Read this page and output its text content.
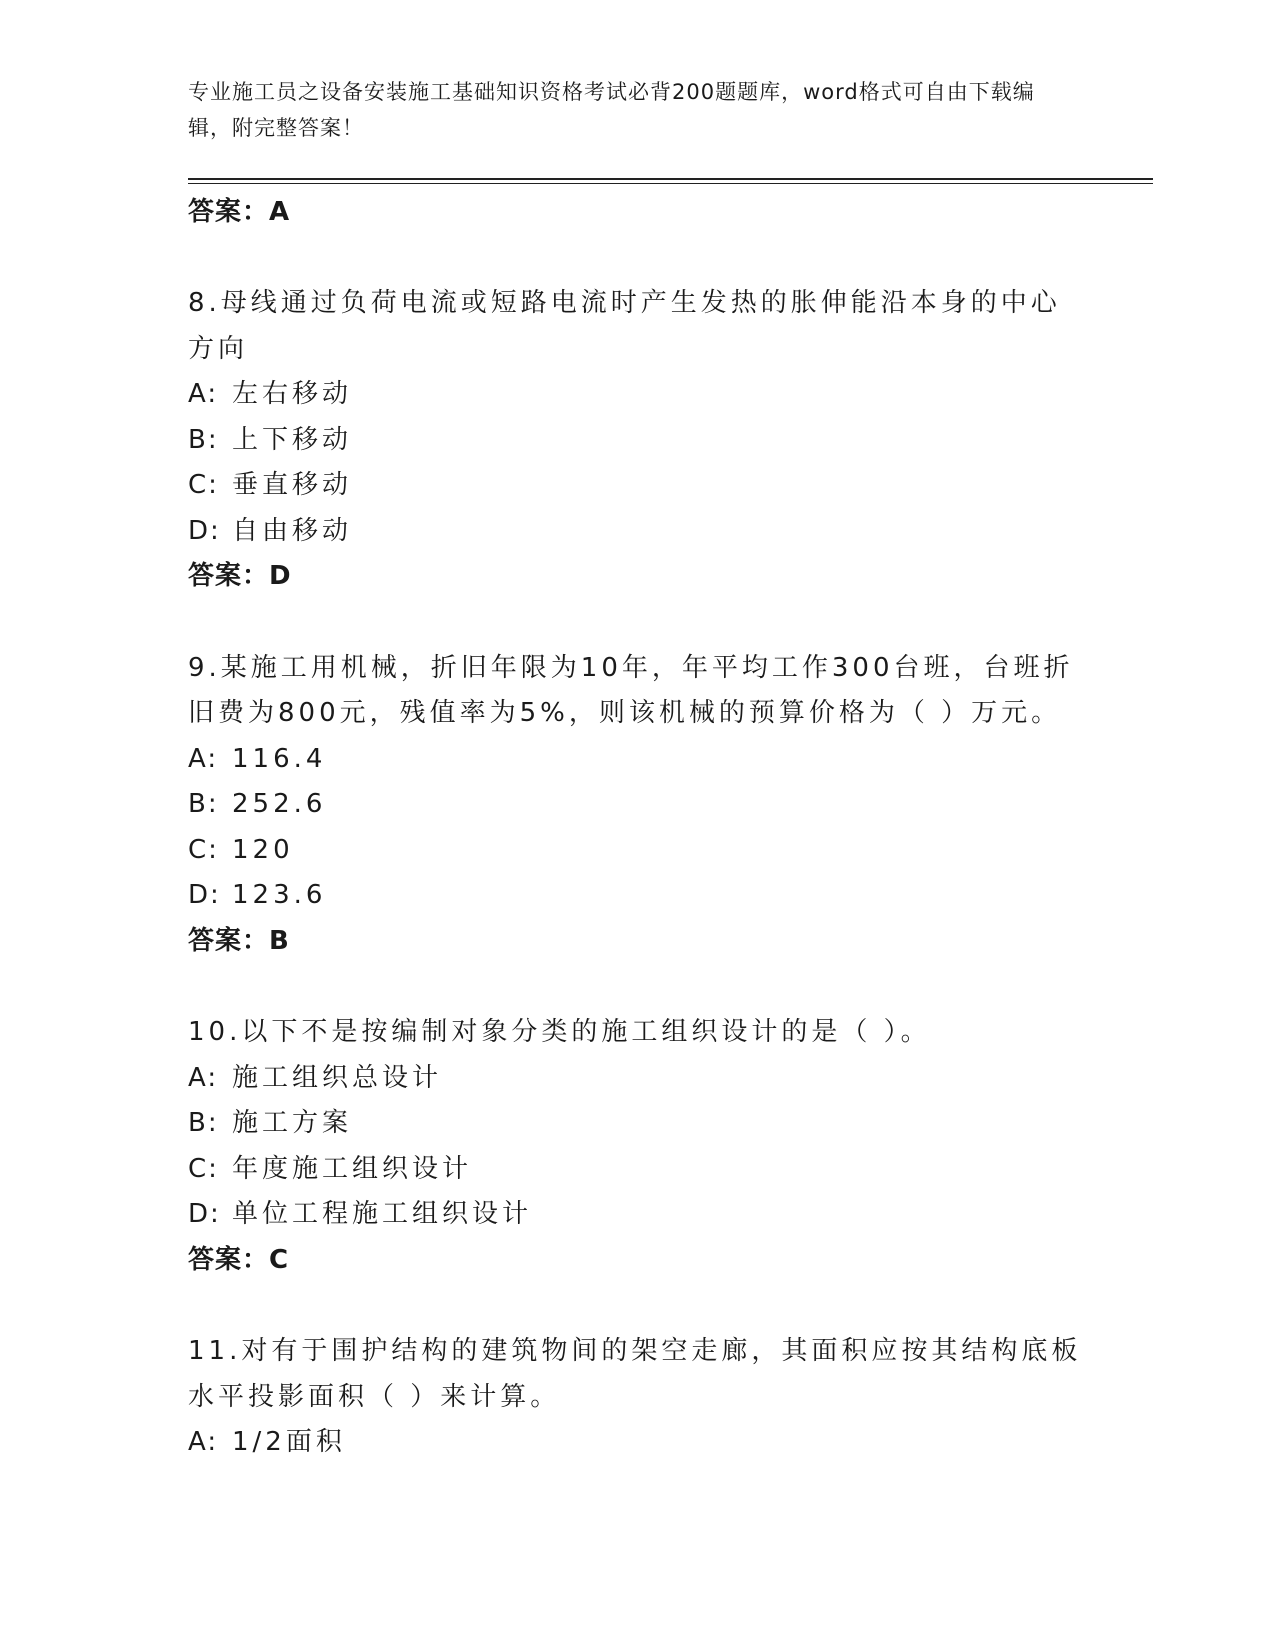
专业施工员之设备安装施工基础知识资格考试必背200题题库，word格式可自由下载编辑，附完整答案！
答案：A
8.母线通过负荷电流或短路电流时产生发热的胀伸能沿本身的中心方向
A: 左右移动
B: 上下移动
C: 垂直移动
D: 自由移动
答案：D
9.某施工用机械，折旧年限为10年，年平均工作300台班，台班折旧费为800元，残值率为5%，则该机械的预算价格为（ ）万元。
A: 116.4
B: 252.6
C: 120
D: 123.6
答案：B
10.以下不是按编制对象分类的施工组织设计的是（ ）。
A: 施工组织总设计
B: 施工方案
C: 年度施工组织设计
D: 单位工程施工组织设计
答案：C
11.对有于围护结构的建筑物间的架空走廊，其面积应按其结构底板水平投影面积（ ）来计算。
A: 1/2面积
